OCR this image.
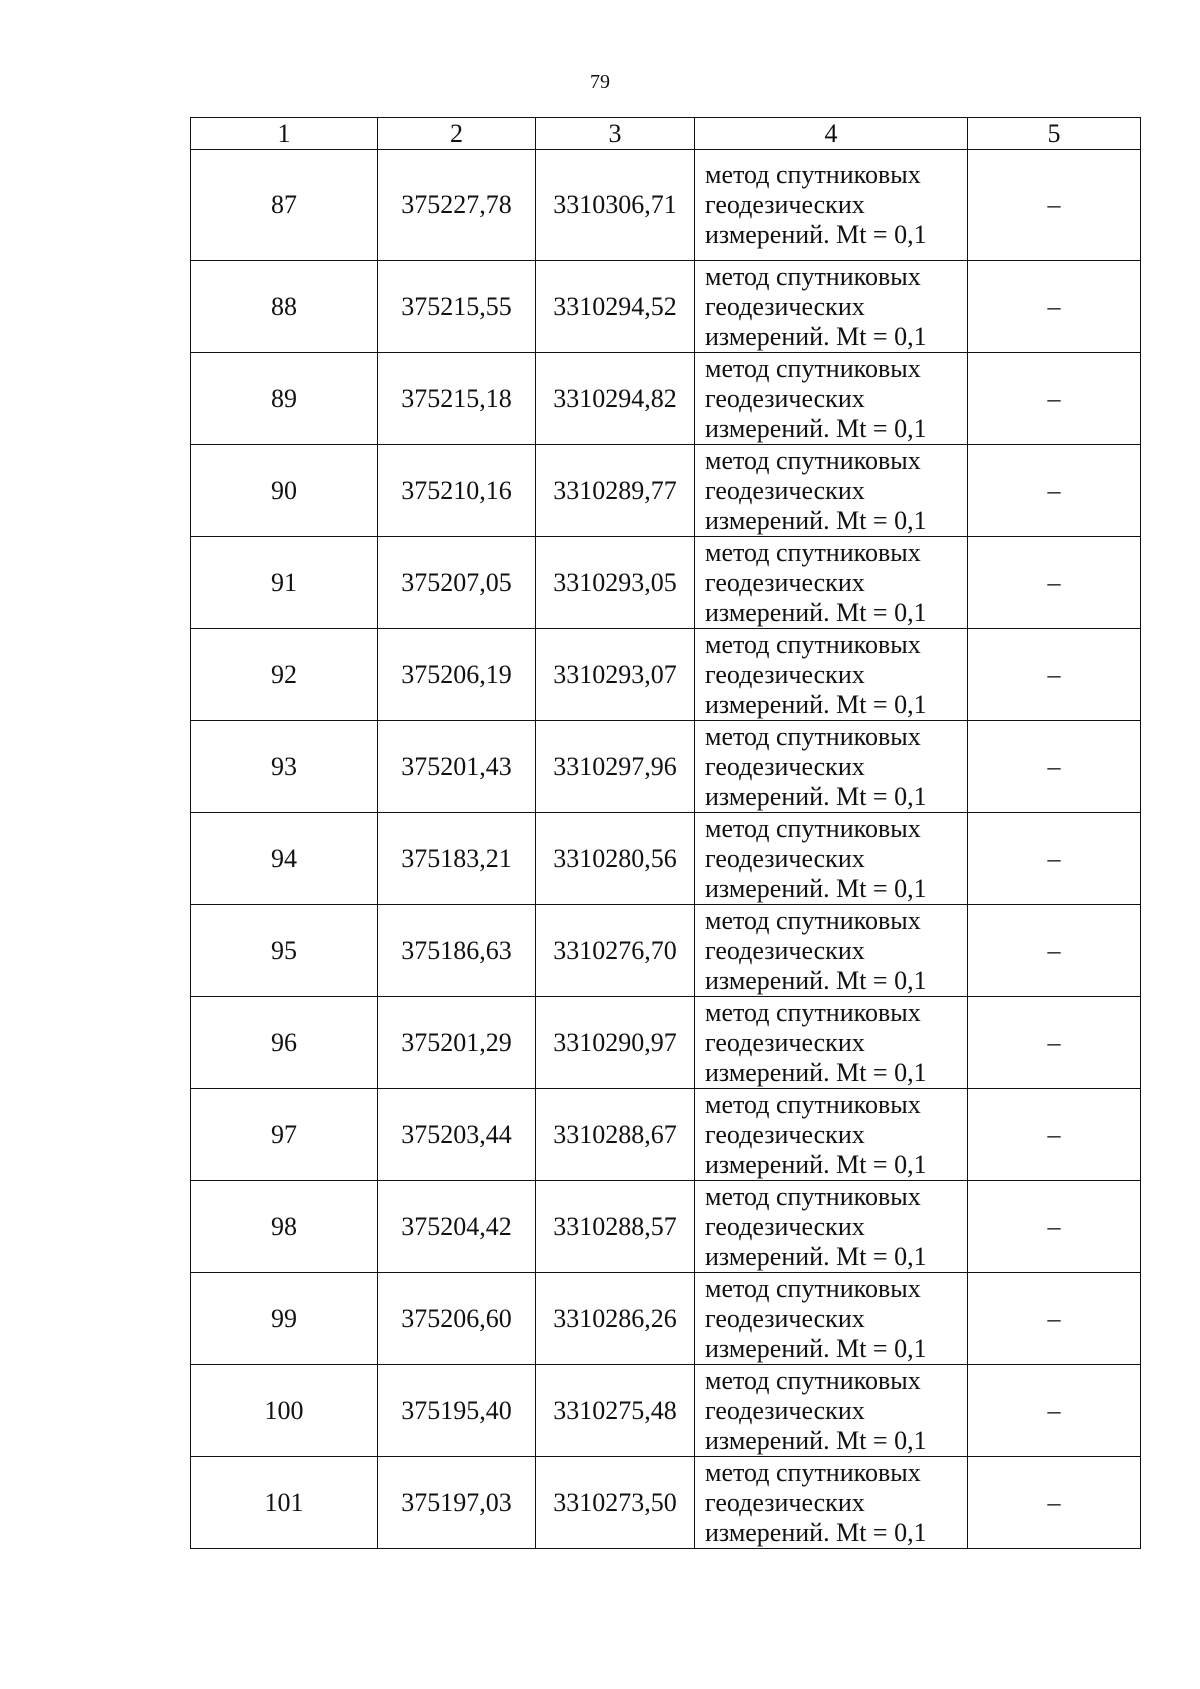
79
1	2	3	4	5
87	375227,78	3310306,71	метод спутниковых
геодезических
измерений. Mt = 0,1	–
88	375215,55	3310294,52	метод спутниковых
геодезических
измерений. Mt = 0,1	–
89	375215,18	3310294,82	метод спутниковых
геодезических
измерений. Mt = 0,1	–
90	375210,16	3310289,77	метод спутниковых
геодезических
измерений. Mt = 0,1	–
91	375207,05	3310293,05	метод спутниковых
геодезических
измерений. Mt = 0,1	–
92	375206,19	3310293,07	метод спутниковых
геодезических
измерений. Mt = 0,1	–
93	375201,43	3310297,96	метод спутниковых
геодезических
измерений. Mt = 0,1	–
94	375183,21	3310280,56	метод спутниковых
геодезических
измерений. Mt = 0,1	–
95	375186,63	3310276,70	метод спутниковых
геодезических
измерений. Mt = 0,1	–
96	375201,29	3310290,97	метод спутниковых
геодезических
измерений. Mt = 0,1	–
97	375203,44	3310288,67	метод спутниковых
геодезических
измерений. Mt = 0,1	–
98	375204,42	3310288,57	метод спутниковых
геодезических
измерений. Mt = 0,1	–
99	375206,60	3310286,26	метод спутниковых
геодезических
измерений. Mt = 0,1	–
100	375195,40	3310275,48	метод спутниковых
геодезических
измерений. Mt = 0,1	–
101	375197,03	3310273,50	метод спутниковых
геодезических
измерений. Mt = 0,1	–
